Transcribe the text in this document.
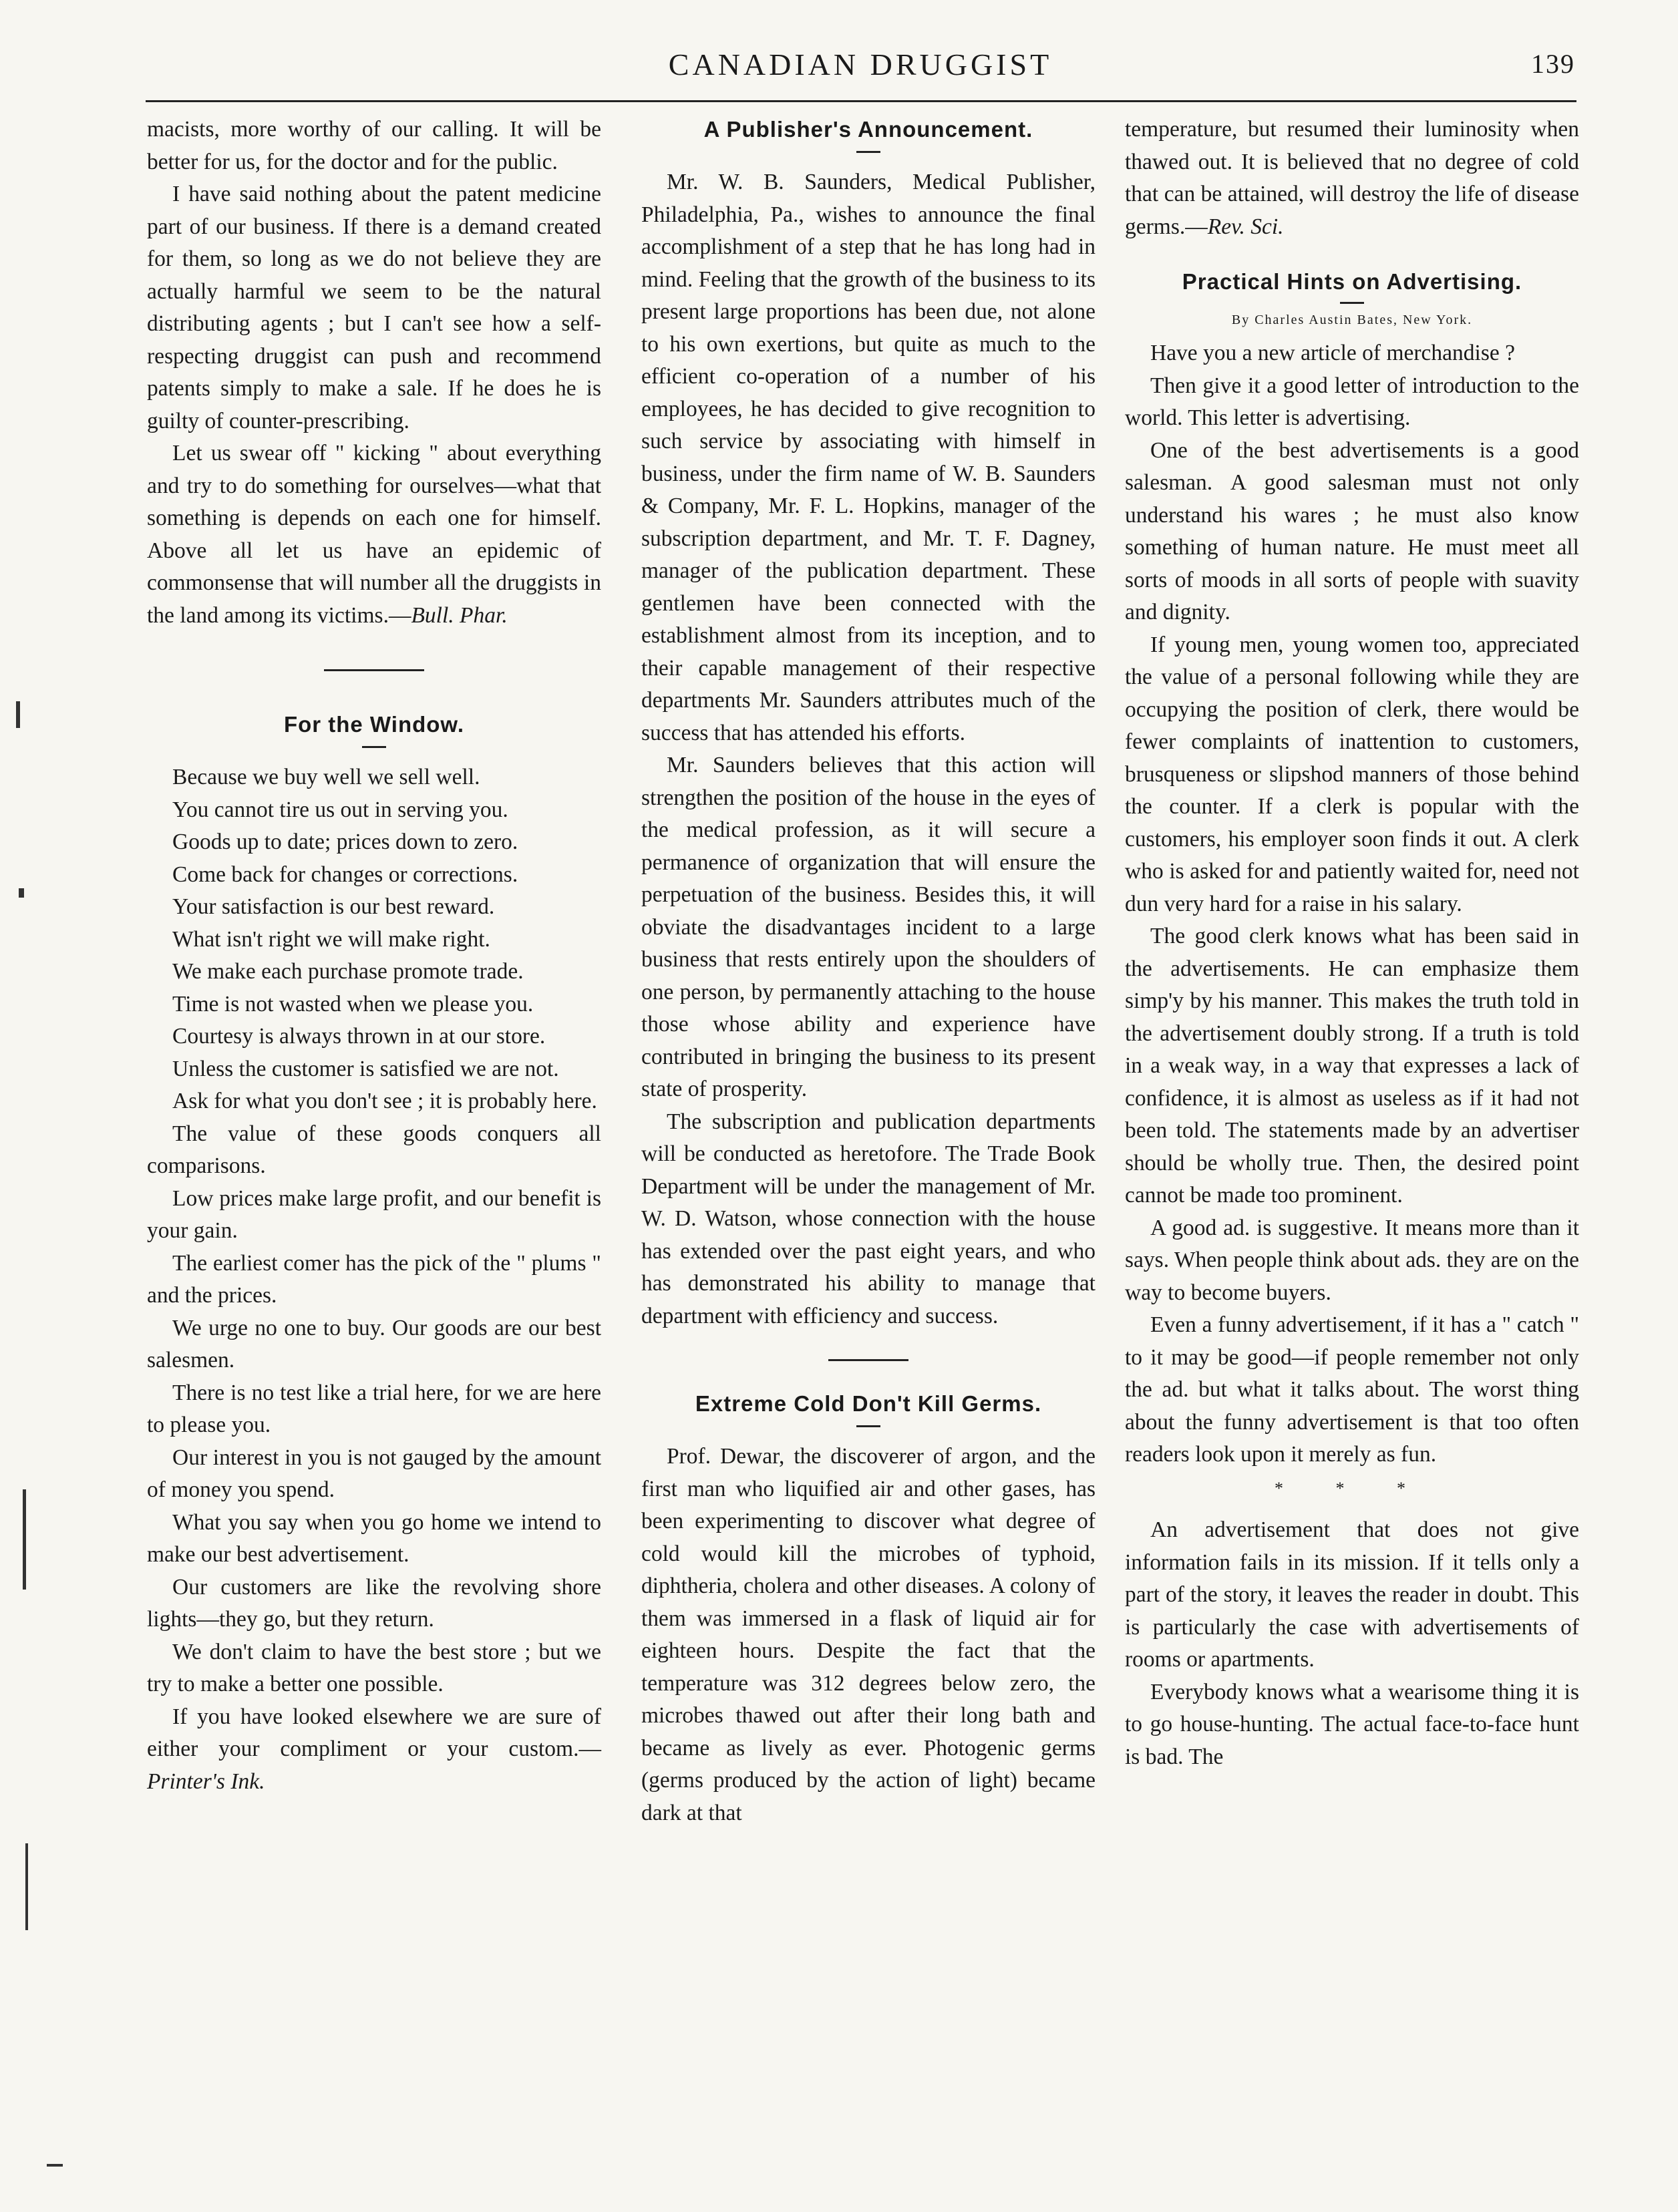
CANADIAN DRUGGIST	139

macists, more worthy of our calling. It will be better for us, for the doctor and for the public.

I have said nothing about the patent medicine part of our business. If there is a demand created for them, so long as we do not believe they are actually harmful we seem to be the natural distributing agents ; but I can't see how a self-respecting druggist can push and recommend patents simply to make a sale. If he does he is guilty of counter-prescribing.

Let us swear off " kicking " about everything and try to do something for ourselves—what that something is depends on each one for himself. Above all let us have an epidemic of commonsense that will number all the druggists in the land among its victims.—Bull. Phar.

For the Window.

Because we buy well we sell well.

You cannot tire us out in serving you.

Goods up to date; prices down to zero.

Come back for changes or corrections.

Your satisfaction is our best reward.

What isn't right we will make right.

We make each purchase promote trade.

Time is not wasted when we please you.

Courtesy is always thrown in at our store.

Unless the customer is satisfied we are not.

Ask for what you don't see ; it is probably here.

The value of these goods conquers all comparisons.

Low prices make large profit, and our benefit is your gain.

The earliest comer has the pick of the " plums " and the prices.

We urge no one to buy. Our goods are our best salesmen.

There is no test like a trial here, for we are here to please you.

Our interest in you is not gauged by the amount of money you spend.

What you say when you go home we intend to make our best advertisement.

Our customers are like the revolving shore lights—they go, but they return.

We don't claim to have the best store ; but we try to make a better one possible.

If you have looked elsewhere we are sure of either your compliment or your custom.—Printer's Ink.

A Publisher's Announcement.

Mr. W. B. Saunders, Medical Publisher, Philadelphia, Pa., wishes to announce the final accomplishment of a step that he has long had in mind. Feeling that the growth of the business to its present large proportions has been due, not alone to his own exertions, but quite as much to the efficient co-operation of a number of his employees, he has decided to give recognition to such service by associating with himself in business, under the firm name of W. B. Saunders & Company, Mr. F. L. Hopkins, manager of the subscription department, and Mr. T. F. Dagney, manager of the publication department. These gentlemen have been connected with the establishment almost from its inception, and to their capable management of their respective departments Mr. Saunders attributes much of the success that has attended his efforts.

Mr. Saunders believes that this action will strengthen the position of the house in the eyes of the medical profession, as it will secure a permanence of organization that will ensure the perpetuation of the business. Besides this, it will obviate the disadvantages incident to a large business that rests entirely upon the shoulders of one person, by permanently attaching to the house those whose ability and experience have contributed in bringing the business to its present state of prosperity.

The subscription and publication departments will be conducted as heretofore. The Trade Book Department will be under the management of Mr. W. D. Watson, whose connection with the house has extended over the past eight years, and who has demonstrated his ability to manage that department with efficiency and success.

Extreme Cold Don't Kill Germs.

Prof. Dewar, the discoverer of argon, and the first man who liquified air and other gases, has been experimenting to discover what degree of cold would kill the microbes of typhoid, diphtheria, cholera and other diseases. A colony of them was immersed in a flask of liquid air for eighteen hours. Despite the fact that the temperature was 312 degrees below zero, the microbes thawed out after their long bath and became as lively as ever. Photogenic germs (germs produced by the action of light) became dark at that

temperature, but resumed their luminosity when thawed out. It is believed that no degree of cold that can be attained, will destroy the life of disease germs.—Rev. Sci.

Practical Hints on Advertising.
By Charles Austin Bates, New York.

Have you a new article of merchandise ?

Then give it a good letter of introduction to the world. This letter is advertising.

One of the best advertisements is a good salesman. A good salesman must not only understand his wares ; he must also know something of human nature. He must meet all sorts of moods in all sorts of people with suavity and dignity.

If young men, young women too, appreciated the value of a personal following while they are occupying the position of clerk, there would be fewer complaints of inattention to customers, brusqueness or slipshod manners of those behind the counter. If a clerk is popular with the customers, his employer soon finds it out. A clerk who is asked for and patiently waited for, need not dun very hard for a raise in his salary.

The good clerk knows what has been said in the advertisements. He can emphasize them simp'y by his manner. This makes the truth told in the advertisement doubly strong. If a truth is told in a weak way, in a way that expresses a lack of confidence, it is almost as useless as if it had not been told. The statements made by an advertiser should be wholly true. Then, the desired point cannot be made too prominent.

A good ad. is suggestive. It means more than it says. When people think about ads. they are on the way to become buyers.

Even a funny advertisement, if it has a " catch " to it may be good—if people remember not only the ad. but what it talks about. The worst thing about the funny advertisement is that too often readers look upon it merely as fun.

* * *

An advertisement that does not give information fails in its mission. If it tells only a part of the story, it leaves the reader in doubt. This is particularly the case with advertisements of rooms or apartments.

Everybody knows what a wearisome thing it is to go house-hunting. The actual face-to-face hunt is bad. The
